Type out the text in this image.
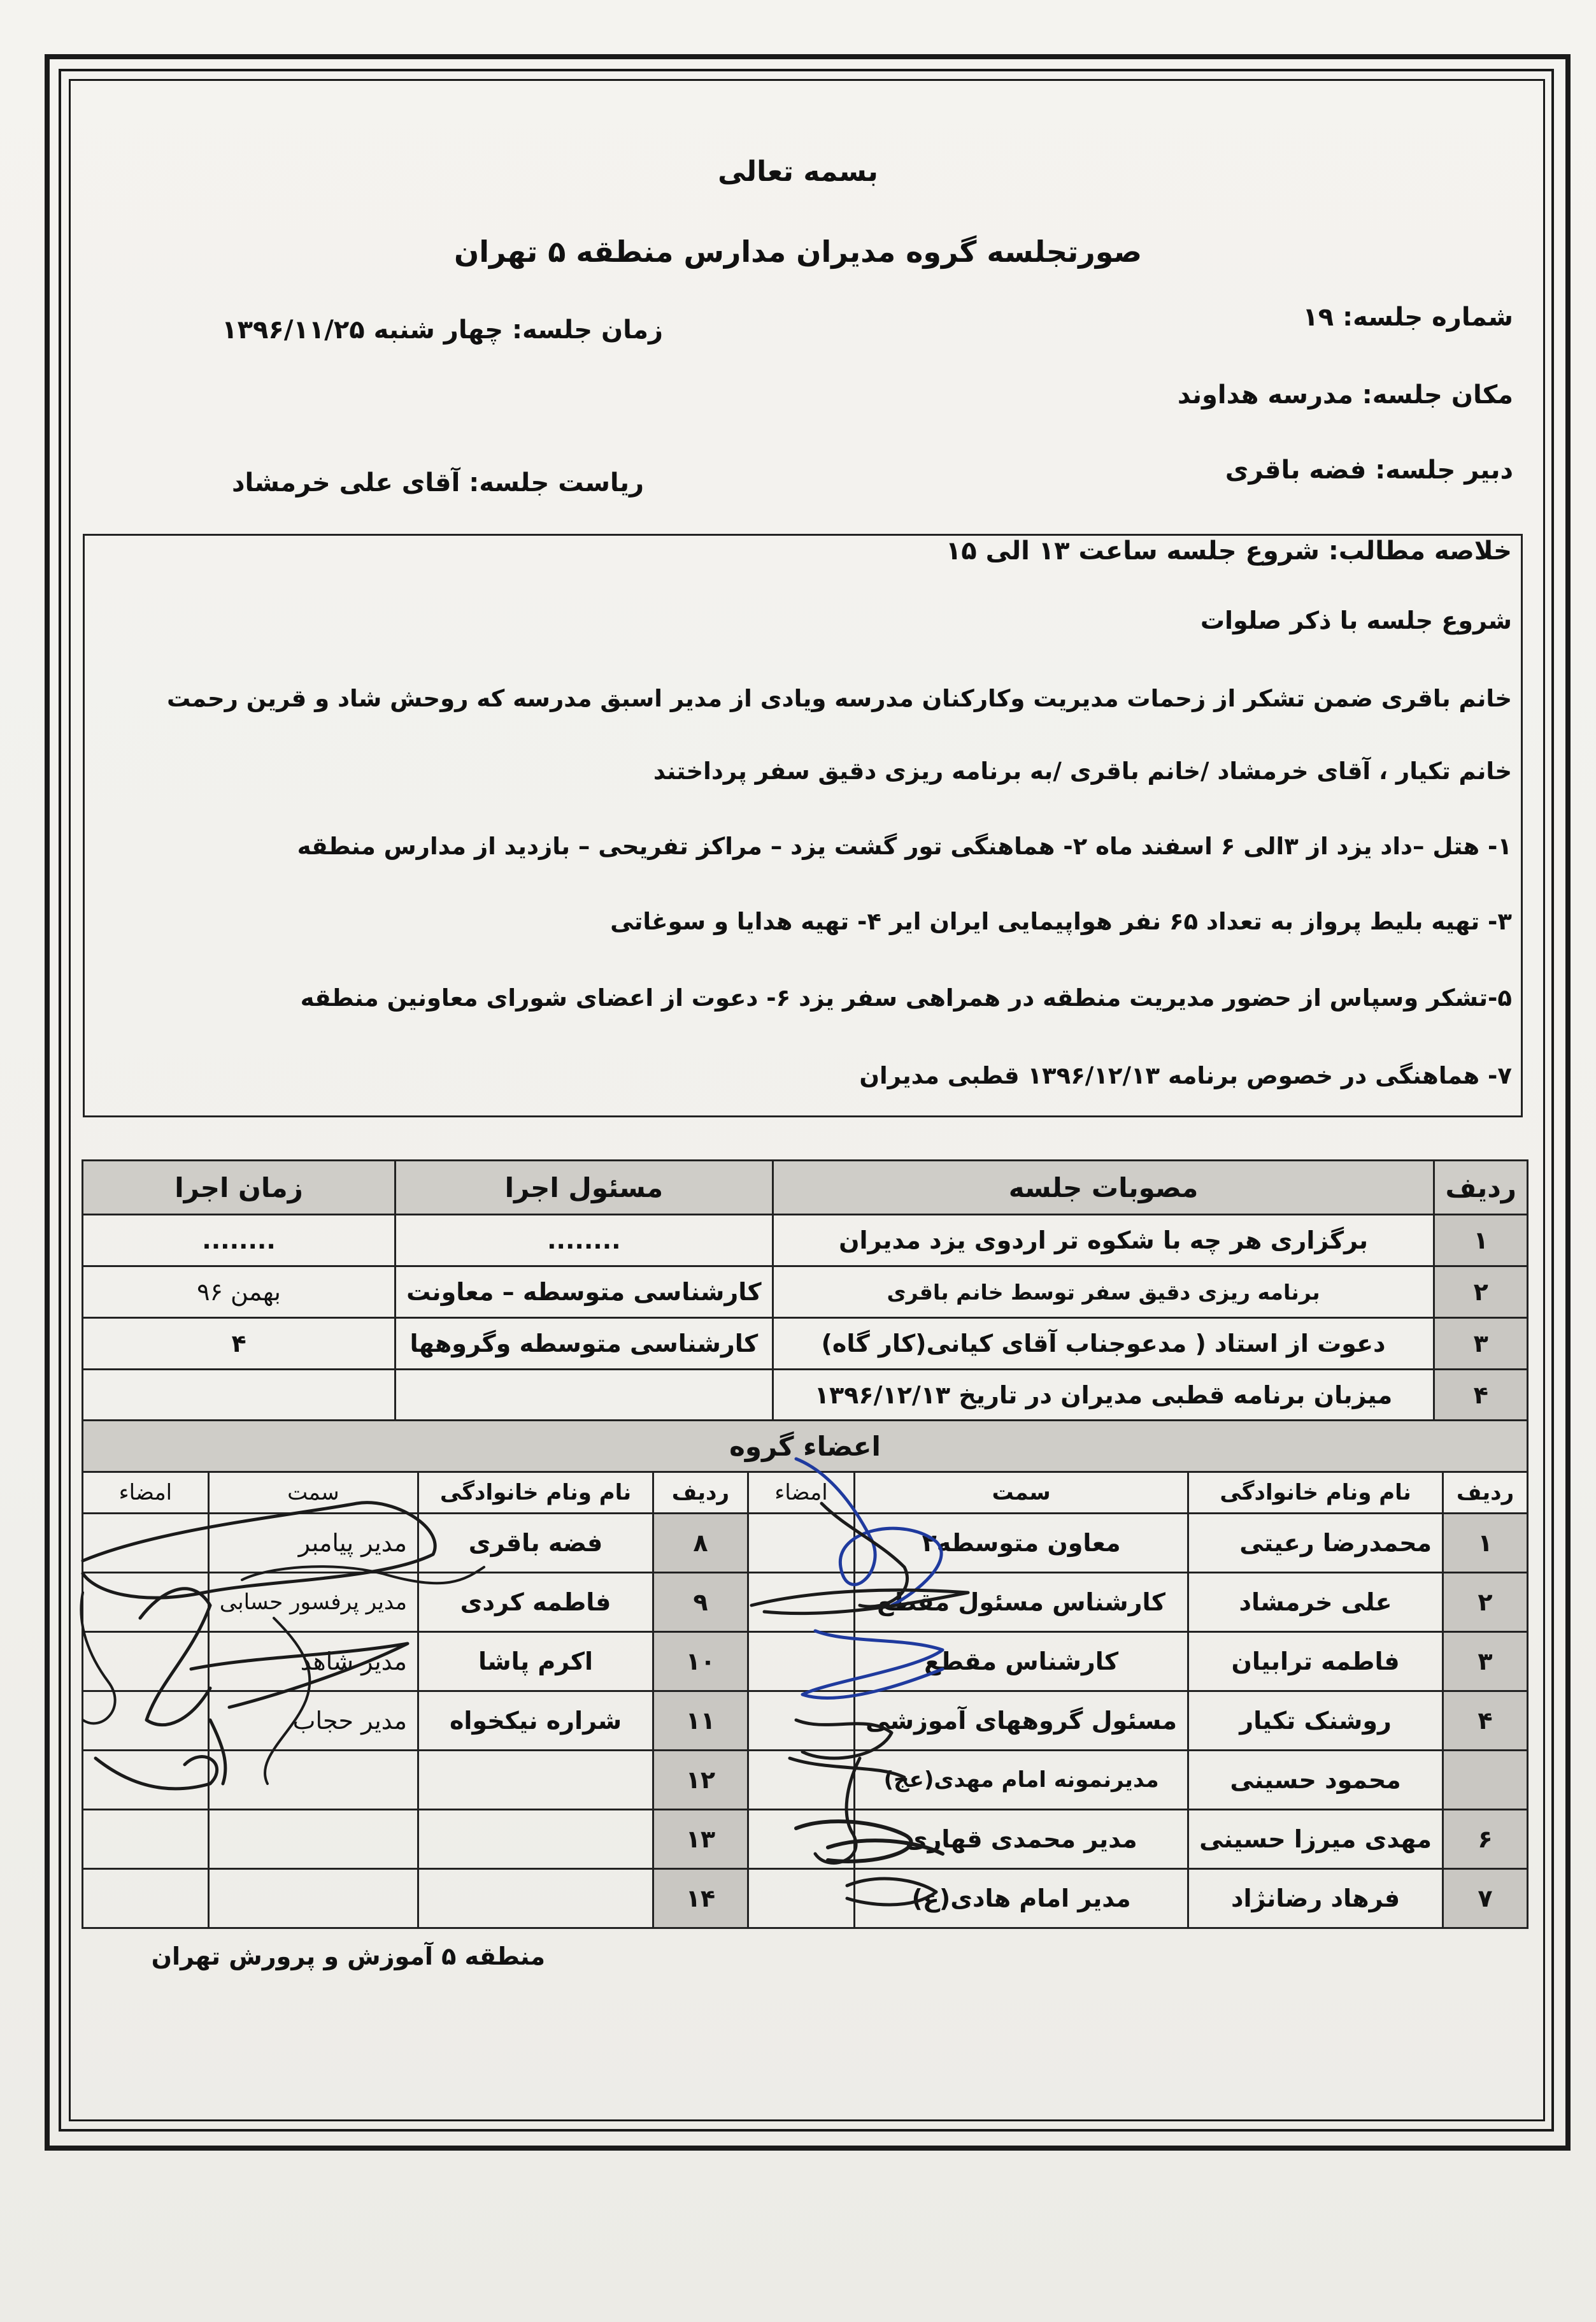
بسمه تعالی
صورتجلسه گروه مدیران مدارس منطقه ۵ تهران
شماره جلسه: ۱۹
زمان جلسه: چهار شنبه ۱۳۹۶/۱۱/۲۵
مکان جلسه: مدرسه هداوند
دبیر جلسه: فضه باقری
ریاست جلسه: آقای علی خرمشاد
خلاصه مطالب: شروع جلسه ساعت ۱۳ الی ۱۵
شروع جلسه با ذکر صلوات
خانم باقری ضمن تشکر از زحمات مدیریت وکارکنان مدرسه ویادی از مدیر اسبق مدرسه که روحش شاد و قرین رحمت
خانم تکیار ، آقای خرمشاد /خانم باقری /به برنامه ریزی دقیق سفر پرداختند
۱- هتل –داد یزد از ۳الی ۶ اسفند ماه ۲- هماهنگی تور گشت یزد – مراکز تفریحی – بازدید از مدارس منطقه
۳- تهیه بلیط پرواز به تعداد ۶۵ نفر هواپیمایی ایران ایر ۴- تهیه هدایا و سوغاتی
۵-تشکر وسپاس از حضور مدیریت منطقه در همراهی سفر یزد ۶- دعوت از اعضای شورای معاونین منطقه
۷- هماهنگی در خصوص برنامه ۱۳۹۶/۱۲/۱۳ قطبی مدیران
ردیف	مصوبات جلسه	مسئول اجرا	زمان اجرا
۱	برگزاری هر چه با شکوه تر اردوی یزد مدیران	........	........
۲	برنامه ریزی دقیق سفر توسط خانم باقری	کارشناسی متوسطه – معاونت	بهمن ۹۶
۳	دعوت از استاد ( مدعوجناب آقای کیانی(کار گاه)	کارشناسی متوسطه وگروهها	۴
۴	میزبان برنامه قطبی مدیران در تاریخ ۱۳۹۶/۱۲/۱۳		
اعضاء گروه							
ردیف	نام ونام خانوادگی	سمت	امضاء	ردیف	نام ونام خانوادگی	سمت	امضاء
۱	محمدرضا رعیتی	معاون متوسطه۲		۸	فضه باقری	مدیر پیامبر	
۲	علی خرمشاد	کارشناس مسئول مقطع		۹	فاطمه کردی	مدیر پرفسور حسابی	
۳	فاطمه ترابیان	کارشناس مقطع		۱۰	اکرم پاشا	مدیر شاهد	
۴	روشنک تکیار	مسئول گروههای آموزشی		۱۱	شراره نیکخواه	مدیر حجاب	
	محمود حسینی	مدیرنمونه امام مهدی(عج)		۱۲			
۶	مهدی میرزا حسینی	مدیر محمدی قهاری		۱۳			
۷	فرهاد رضانژاد	مدیر امام هادی(ع)		۱۴			
منطقه ۵ آموزش و پرورش تهران
